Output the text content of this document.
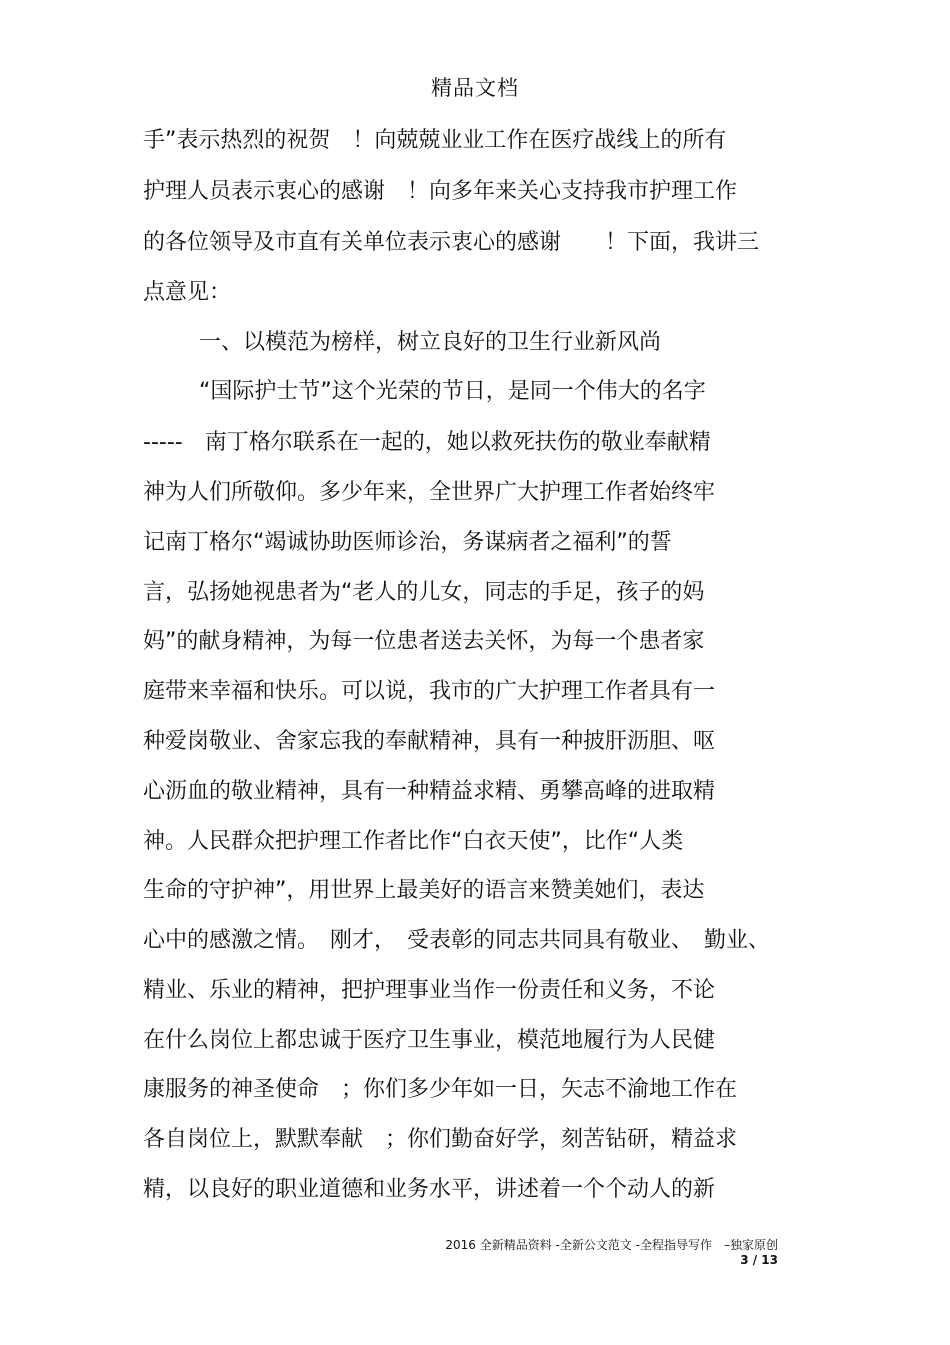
精品文档
手”表示热烈的祝贺　！向兢兢业业工作在医疗战线上的所有
护理人员表示衷心的感谢　！向多年来关心支持我市护理工作
的各位领导及市直有关单位表示衷心的感谢　　！下面，我讲三
点意见：
　 一、以模范为榜样，树立良好的卫生行业新风尚
　 “国际护士节”这个光荣的节日，是同一个伟大的名字
-----　南丁格尔联系在一起的，她以救死扶伤的敬业奉献精
神为人们所敬仰。多少年来，全世界广大护理工作者始终牢
记南丁格尔“竭诚协助医师诊治，务谋病者之福利”的誓
言，弘扬她视患者为“老人的儿女，同志的手足，孩子的妈
妈”的献身精神，为每一位患者送去关怀，为每一个患者家
庭带来幸福和快乐。可以说，我市的广大护理工作者具有一
种爱岗敬业、舍家忘我的奉献精神，具有一种披肝沥胆、呕
心沥血的敬业精神，具有一种精益求精、勇攀高峰的进取精
神。人民群众把护理工作者比作“白衣天使”，比作“人类
生命的守护神”，用世界上最美好的语言来赞美她们，表达
心中的感激之情。　刚才，　受表彰的同志共同具有敬业、　勤业、
精业、乐业的精神，把护理事业当作一份责任和义务，不论
在什么岗位上都忠诚于医疗卫生事业，模范地履行为人民健
康服务的神圣使命　；你们多少年如一日，矢志不渝地工作在
各自岗位上，默默奉献　；你们勤奋好学，刻苦钻研，精益求
精，以良好的职业道德和业务水平，讲述着一个个动人的新
2016 全新精品资料 -全新公文范文 -全程指导写作　–独家原创
3 / 13
